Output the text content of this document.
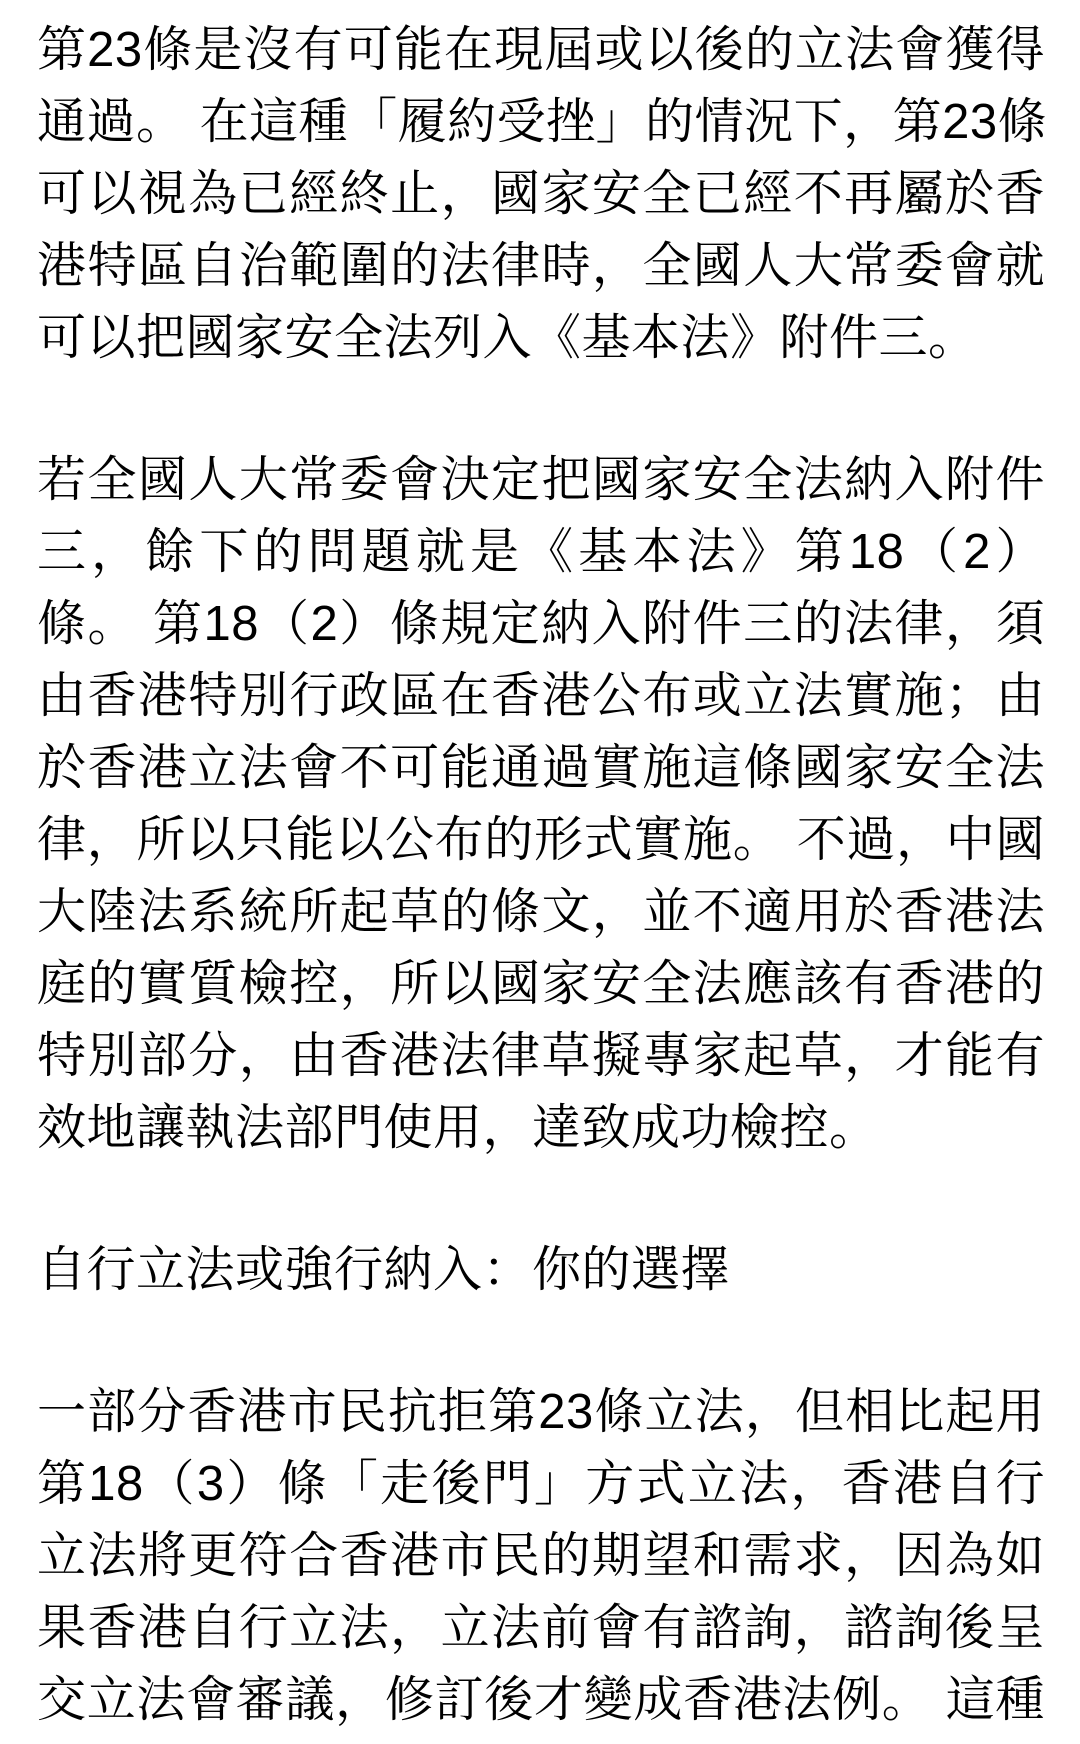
第23條是沒有可能在現屆或以後的立法會獲得
通過。 在這種「履約受挫」的情況下，第23條
可以視為已經終止，國家安全已經不再屬於香
港特區自治範圍的法律時，全國人大常委會就
可以把國家安全法列入《基本法》附件三。
若全國人大常委會決定把國家安全法納入附件
三，餘下的問題就是《基本法》第18（2）
條。 第18（2）條規定納入附件三的法律，須
由香港特別行政區在香港公布或立法實施；由
於香港立法會不可能通過實施這條國家安全法
律，所以只能以公布的形式實施。 不過，中國
大陸法系統所起草的條文，並不適用於香港法
庭的實質檢控，所以國家安全法應該有香港的
特別部分，由香港法律草擬專家起草，才能有
效地讓執法部門使用，達致成功檢控。
自行立法或強行納入：你的選擇
一部分香港市民抗拒第23條立法，但相比起用
第18（3）條「走後門」方式立法，香港自行
立法將更符合香港市民的期望和需求，因為如
果香港自行立法，立法前會有諮詢，諮詢後呈
交立法會審議，修訂後才變成香港法例。 這種
